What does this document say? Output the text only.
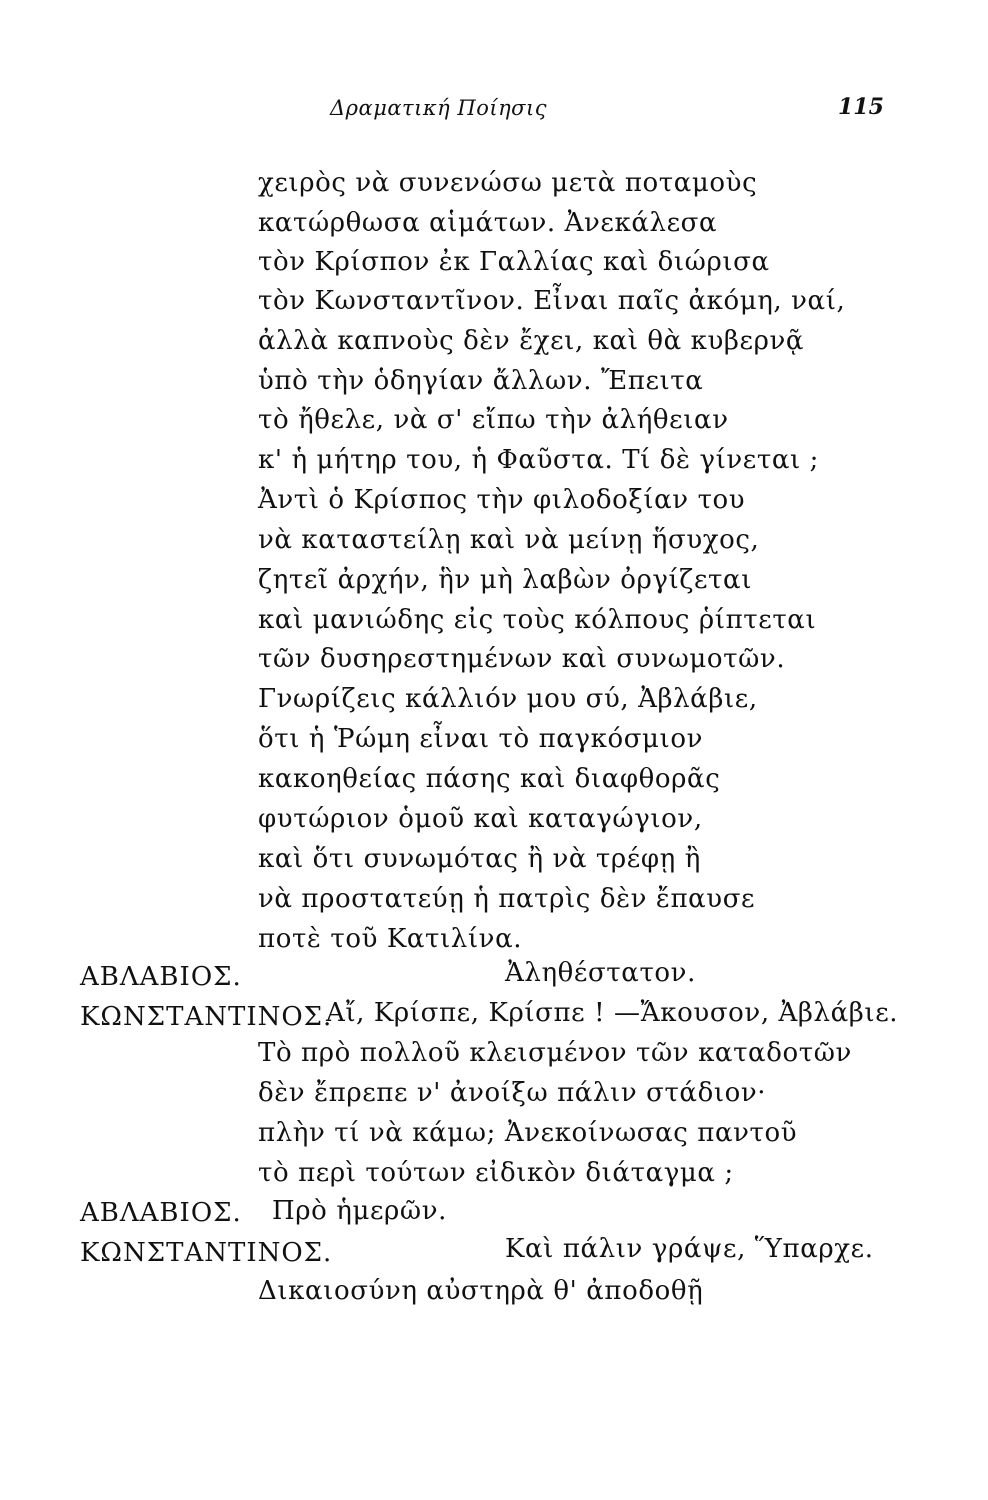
Δραματική Ποίησις	115
χειρὸς νὰ συνενώσω μετὰ ποταμοὺς
κατώρθωσα αἱμάτων. Ἀνεκάλεσα
τὸν Κρίσπον ἐκ Γαλλίας καὶ διώρισα
τὸν Κωνσταντῖνον. Εἶναι παῖς ἀκόμη, ναί,
ἀλλὰ καπνοὺς δὲν ἔχει, καὶ θὰ κυβερνᾷ
ὑπὸ τὴν ὁδηγίαν ἄλλων. Ἔπειτα
τὸ ἤθελε, νὰ σ' εἴπω τὴν ἀλήθειαν
κ' ἡ μήτηρ του, ἡ Φαῦστα. Τί δὲ γίνεται ;
Ἀντὶ ὁ Κρίσπος τὴν φιλοδοξίαν του
νὰ καταστείλῃ καὶ νὰ μείνῃ ἥσυχος,
ζητεῖ ἀρχήν, ἣν μὴ λαβὼν ὀργίζεται
καὶ μανιώδης εἰς τοὺς κόλπους ῥίπτεται
τῶν δυσηρεστημένων καὶ συνωμοτῶν.
Γνωρίζεις κάλλιόν μου σύ, Ἀβλάβιε,
ὅτι ἡ Ῥώμη εἶναι τὸ παγκόσμιον
κακοηθείας πάσης καὶ διαφθορᾶς
φυτώριον ὁμοῦ καὶ καταγώγιον,
καὶ ὅτι συνωμότας ἢ νὰ τρέφῃ ἢ
νὰ προστατεύῃ ἡ πατρὶς δὲν ἔπαυσε
ποτὲ τοῦ Κατιλίνα.
ΑΒΛΑΒΙΟΣ.	Ἀληθέστατον.
ΚΩΝΣΤΑΝΤΙΝΟΣ.
Αἴ, Κρίσπε, Κρίσπε ! —Ἄκουσον, Ἀβλάβιε.
Τὸ πρὸ πολλοῦ κλεισμένον τῶν καταδοτῶν
δὲν ἔπρεπε ν' ἀνοίξω πάλιν στάδιον·
πλὴν τί νὰ κάμω; Ἀνεκοίνωσας παντοῦ
τὸ περὶ τούτων εἰδικὸν διάταγμα ;
ΑΒΛΑΒΙΟΣ. Πρὸ ἡμερῶν.
ΚΩΝΣΤΑΝΤΙΝΟΣ.	Καὶ πάλιν γράψε, Ὕπαρχε.
Δικαιοσύνη αὐστηρὰ θ' ἀποδοθῇ
